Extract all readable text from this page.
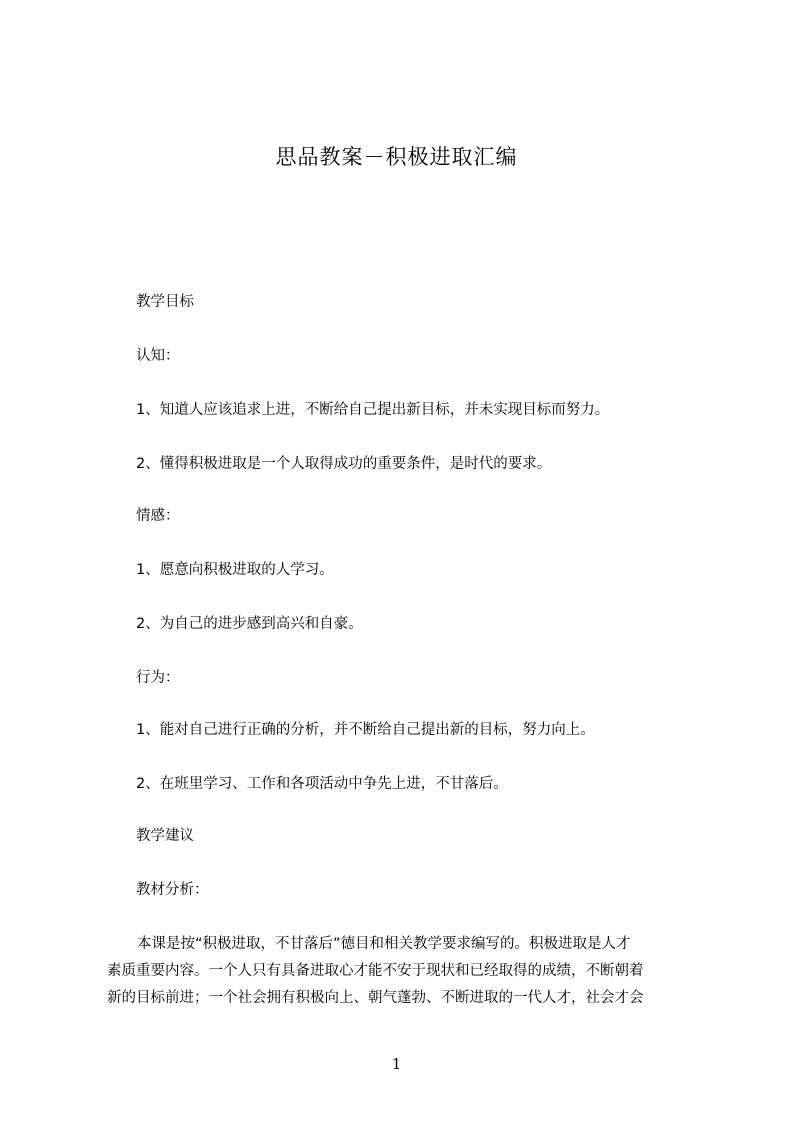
思品教案－积极进取汇编
教学目标
认知：
1、知道人应该追求上进，不断给自己提出新目标，并未实现目标而努力。
2、懂得积极进取是一个人取得成功的重要条件，是时代的要求。
情感：
1、愿意向积极进取的人学习。
2、为自己的进步感到高兴和自豪。
行为：
1、能对自己进行正确的分析，并不断给自己提出新的目标，努力向上。
2、在班里学习、工作和各项活动中争先上进，不甘落后。
教学建议
教材分析：
本课是按“积极进取，不甘落后”德目和相关教学要求编写的。积极进取是人才
素质重要内容。一个人只有具备进取心才能不安于现状和已经取得的成绩，不断朝着
新的目标前进；一个社会拥有积极向上、朝气蓬勃、不断进取的一代人才，社会才会
1
